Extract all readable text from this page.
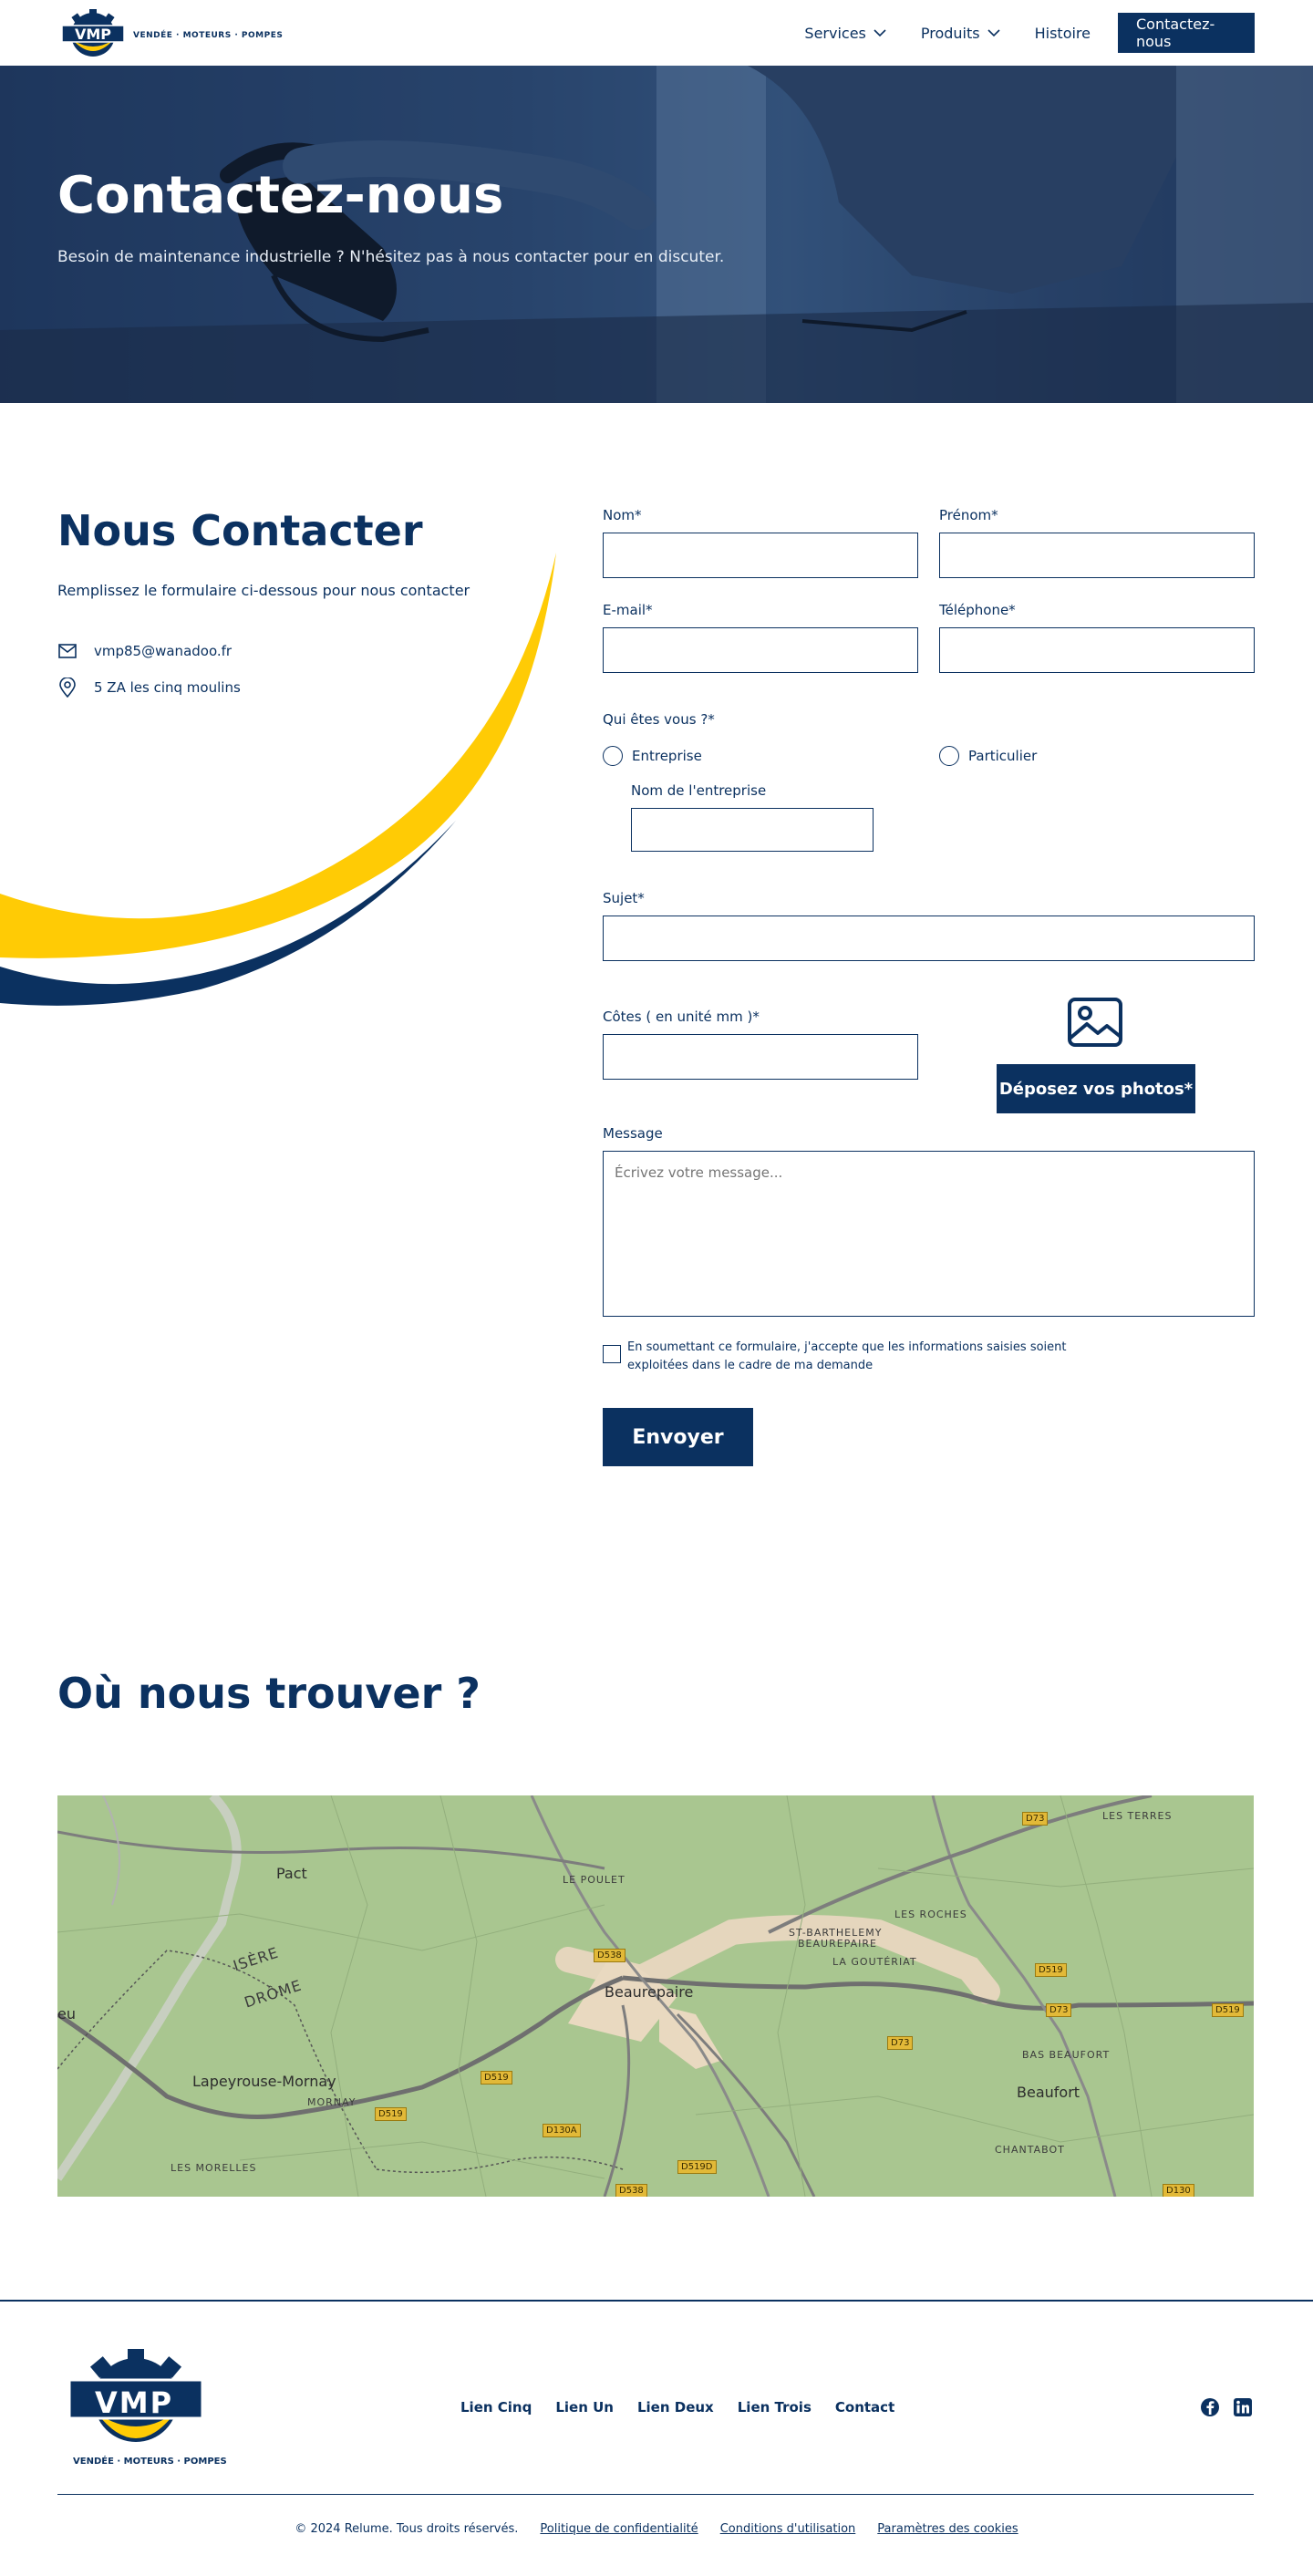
VMP	VENDÉE · MOTEURS · POMPES	Services	Produits	Histoire	Contactez-nous
Contactez-nous

Besoin de maintenance industrielle ? N'hésitez pas à nous contacter pour en discuter.

Nous Contacter
Remplissez le formulaire ci-dessous pour nous contacter
vmp85@wanadoo.fr
5 ZA les cinq moulins
Nom*	Prénom*
E-mail*	Téléphone*
Qui êtes vous ?*
Entreprise	Particulier
Nom de l'entreprise
Sujet*
Côtes ( en unité mm )*
Déposez vos photos*
Message
Écrivez votre message...
En soumettant ce formulaire, j'accepte que les informations saisies soient exploitées dans le cadre de ma demande
Envoyer
Où nous trouver ?
Pact	LE POULET
ISÈRE
DRÔME	Beaurepaire
ST-BARTHELEMY
BEAUREPAIRE
LES ROCHES
LA GOUTÉRIAT
LES TERRES
Lapeyrouse-Mornay
MORNAY
LES MORELLES
BAS BEAUFORT
Beaufort
CHANTABOT
eu
D73
D538
D519
D73	D519
D73
D519
D519
D130A
D519D
D538	D130
VMP
VENDÉE · MOTEURS · POMPES
Lien Cinq Lien Un Lien Deux Lien Trois Contact
© 2024 Relume. Tous droits réservés. Politique de confidentialité Conditions d'utilisation Paramètres des cookies
